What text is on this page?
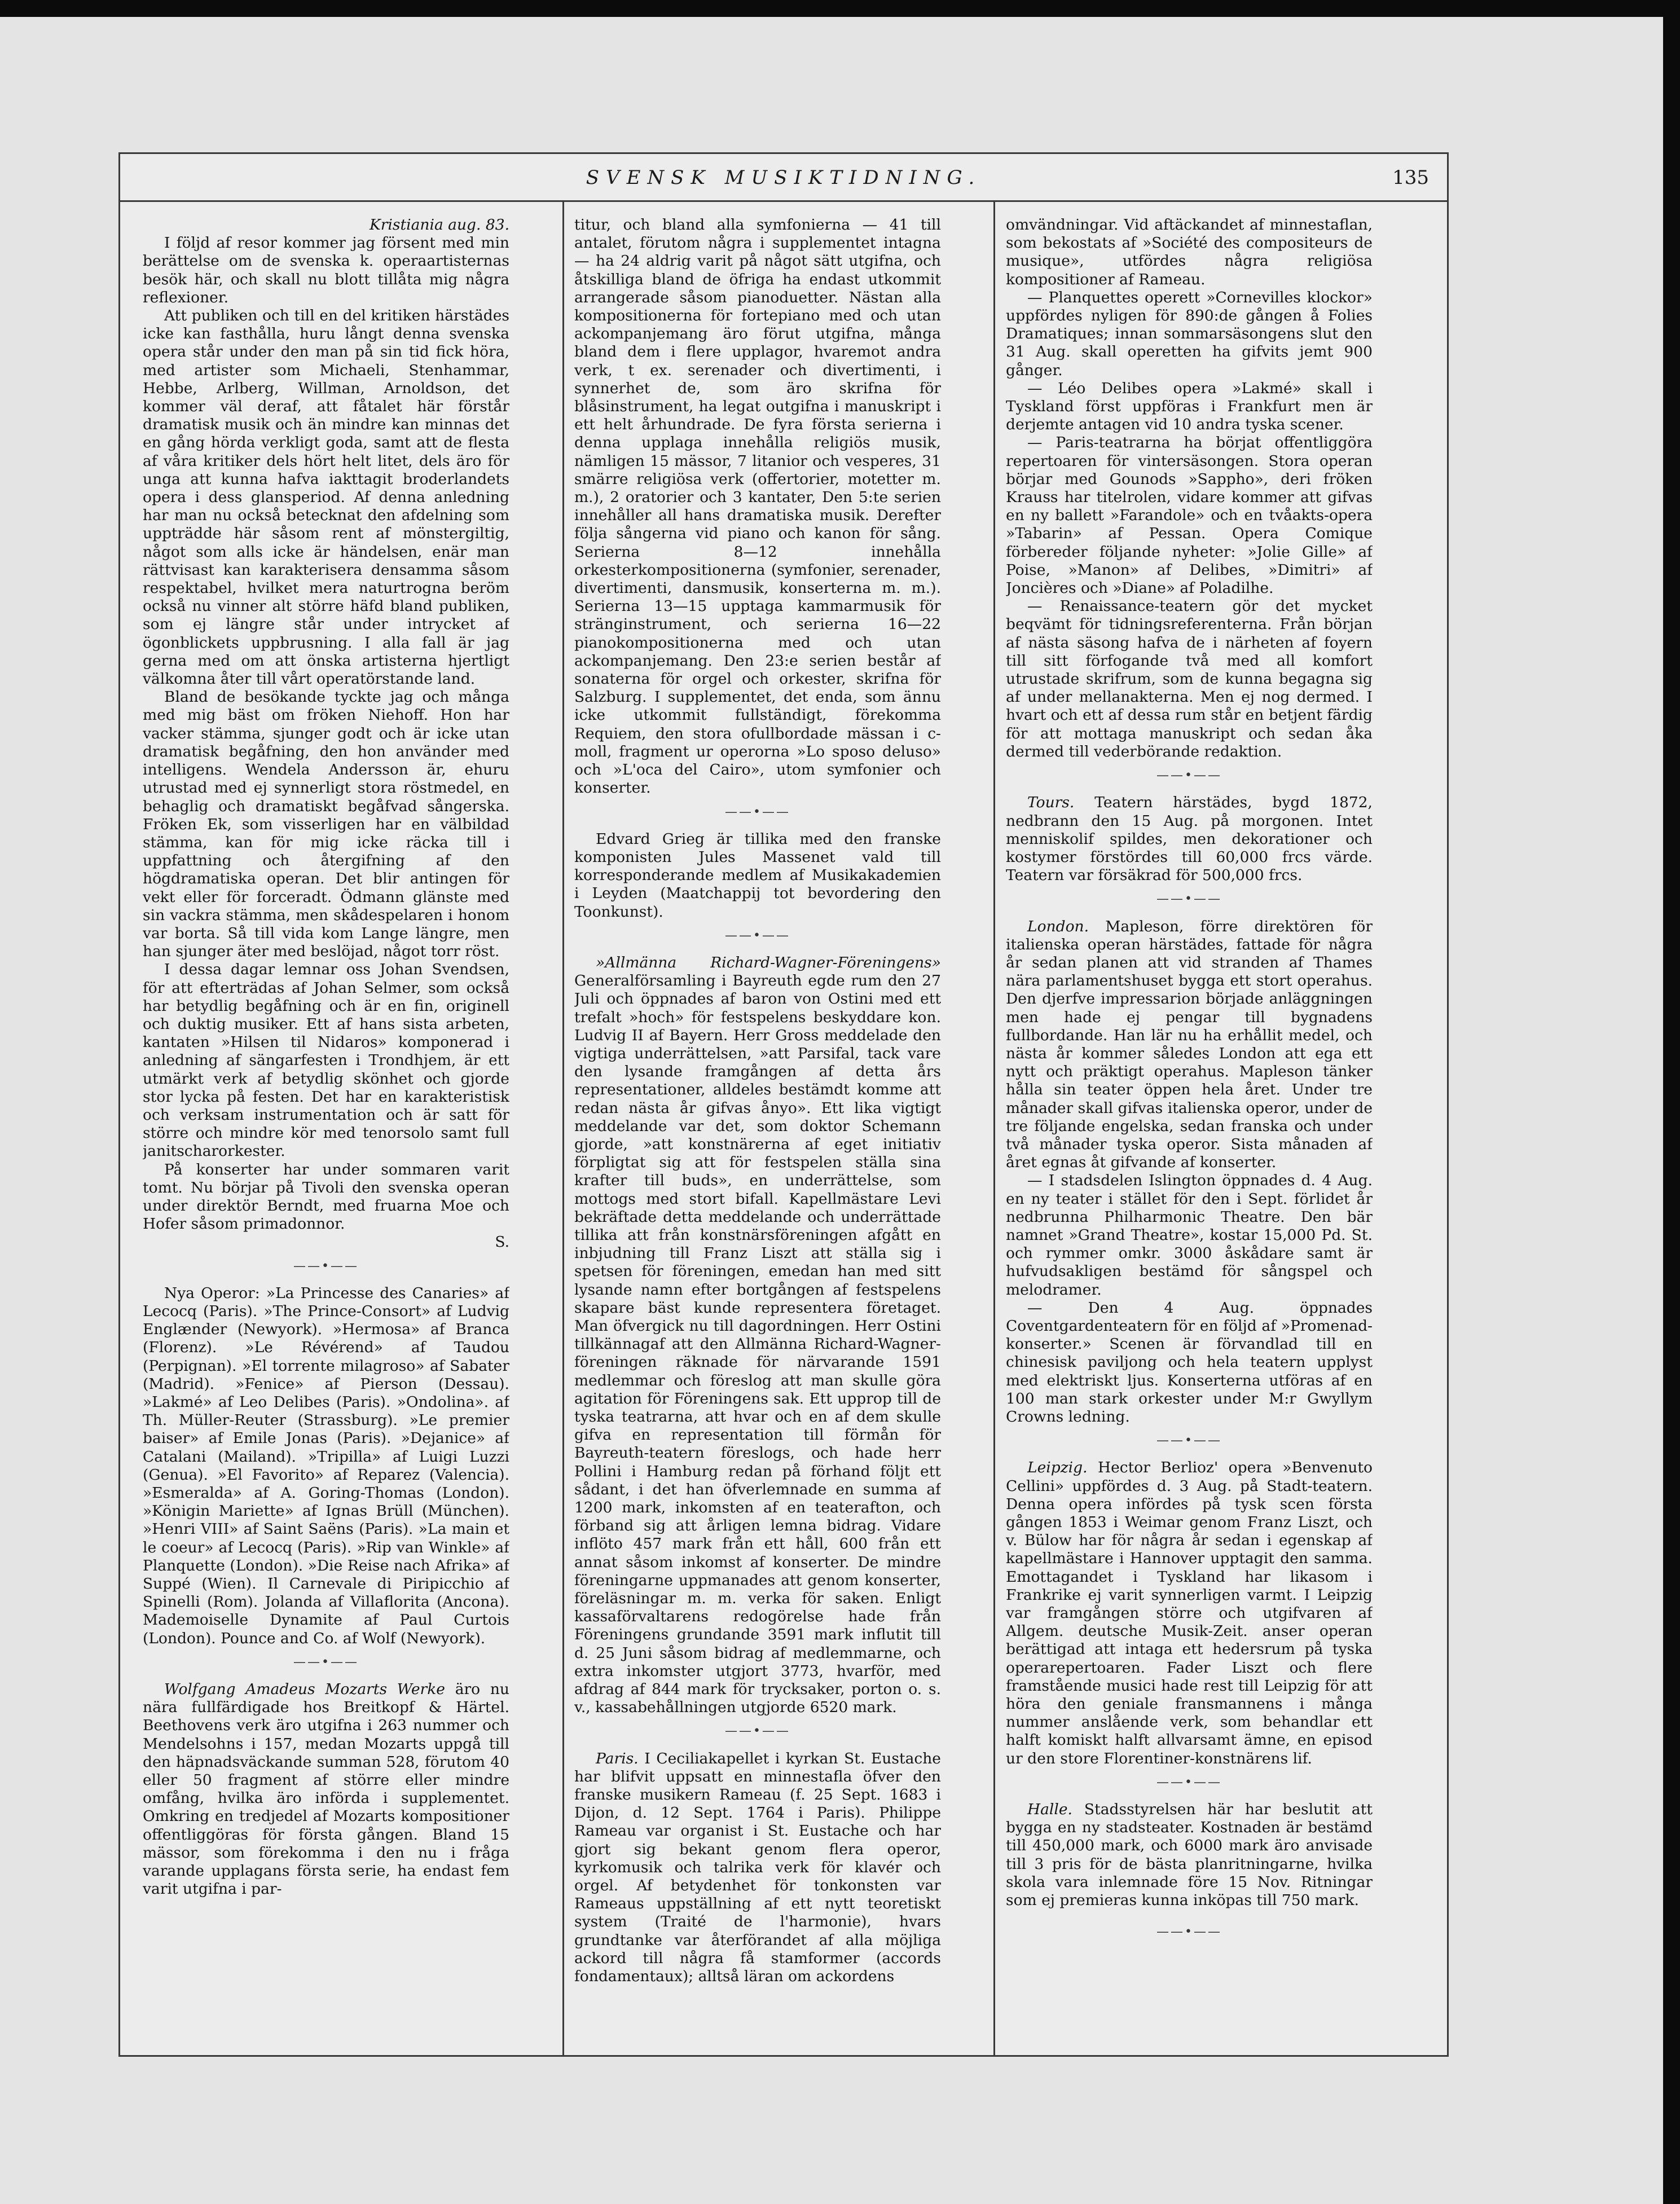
SVENSK MUSIKTIDNING.	135

Kristiania aug. 83.

I följd af resor kommer jag försent med min berättelse om de svenska k. operaartisternas besök här, och skall nu blott tillåta mig några reflexioner.

Att publiken och till en del kritiken härstädes icke kan fasthålla, huru långt denna svenska opera står under den man på sin tid fick höra, med artister som Michaeli, Stenhammar, Hebbe, Arlberg, Willman, Arnoldson, det kommer väl deraf, att fåtalet här förstår dramatisk musik och än mindre kan minnas det en gång hörda verkligt goda, samt att de flesta af våra kritiker dels hört helt litet, dels äro för unga att kunna hafva iakttagit broderlandets opera i dess glansperiod. Af denna anledning har man nu också betecknat den afdelning som uppträdde här såsom rent af mönstergiltig, något som alls icke är händelsen, enär man rättvisast kan karakterisera densamma såsom respektabel, hvilket mera naturtrogna beröm också nu vinner alt större häfd bland publiken, som ej längre står under intrycket af ögonblickets uppbrusning. I alla fall är jag gerna med om att önska artisterna hjertligt välkomna åter till vårt operatörstande land.

Bland de besökande tyckte jag och många med mig bäst om fröken Niehoff. Hon har vacker stämma, sjunger godt och är icke utan dramatisk begåfning, den hon använder med intelligens. Wendela Andersson är, ehuru utrustad med ej synnerligt stora röstmedel, en behaglig och dramatiskt begåfvad sångerska. Fröken Ek, som visserligen har en välbildad stämma, kan för mig icke räcka till i uppfattning och återgifning af den högdramatiska operan. Det blir antingen för vekt eller för forceradt. Ödmann glänste med sin vackra stämma, men skådespelaren i honom var borta. Så till vida kom Lange längre, men han sjunger äter med beslöjad, något torr röst.

I dessa dagar lemnar oss Johan Svendsen, för att efterträdas af Johan Selmer, som också har betydlig begåfning och är en fin, originell och duktig musiker. Ett af hans sista arbeten, kantaten »Hilsen til Nidaros» komponerad i anledning af sängarfesten i Trondhjem, är ett utmärkt verk af betydlig skönhet och gjorde stor lycka på festen. Det har en karakteristisk och verksam instrumentation och är satt för större och mindre kör med tenorsolo samt full janitscharorkester.

På konserter har under sommaren varit tomt. Nu börjar på Tivoli den svenska operan under direktör Berndt, med fruarna Moe och Hofer såsom primadonnor.

S.

——•——

Nya Operor: »La Princesse des Canaries» af Lecocq (Paris). »The Prince-Consort» af Ludvig Englænder (Newyork). »Hermosa» af Branca (Florenz). »Le Révérend» af Taudou (Perpignan). »El torrente milagroso» af Sabater (Madrid). »Fenice» af Pierson (Dessau). »Lakmé» af Leo Delibes (Paris). »Ondolina». af Th. Müller-Reuter (Strassburg). »Le premier baiser» af Emile Jonas (Paris). »Dejanice» af Catalani (Mailand). »Tripilla» af Luigi Luzzi (Genua). »El Favorito» af Reparez (Valencia). »Esmeralda» af A. Goring-Thomas (London). »Königin Mariette» af Ignas Brüll (München). »Henri VIII» af Saint Saëns (Paris). »La main et le coeur» af Lecocq (Paris). »Rip van Winkle» af Planquette (London). »Die Reise nach Afrika» af Suppé (Wien). Il Carnevale di Piripicchio af Spinelli (Rom). Jolanda af Villaflorita (Ancona). Mademoiselle Dynamite af Paul Curtois (London). Pounce and Co. af Wolf (Newyork).

——•——

Wolfgang Amadeus Mozarts Werke äro nu nära fullfärdigade hos Breitkopf & Härtel. Beethovens verk äro utgifna i 263 nummer och Mendelsohns i 157, medan Mozarts uppgå till den häpnadsväckande summan 528, förutom 40 eller 50 fragment af större eller mindre omfång, hvilka äro införda i supplementet. Omkring en tredjedel af Mozarts kompositioner offentliggöras för första gången. Bland 15 mässor, som förekomma i den nu i fråga varande upplagans första serie, ha endast fem varit utgifna i par-

titur, och bland alla symfonierna — 41 till antalet, förutom några i supplementet intagna — ha 24 aldrig varit på något sätt utgifna, och åtskilliga bland de öfriga ha endast utkommit arrangerade såsom pianoduetter. Nästan alla kompositionerna för fortepiano med och utan ackompanjemang äro förut utgifna, många bland dem i flere upplagor, hvaremot andra verk, t ex. serenader och divertimenti, i synnerhet de, som äro skrifna för blåsinstrument, ha legat outgifna i manuskript i ett helt århundrade. De fyra första serierna i denna upplaga innehålla religiös musik, nämligen 15 mässor, 7 litanior och vesperes, 31 smärre religiösa verk (offertorier, motetter m. m.), 2 oratorier och 3 kantater, Den 5:te serien innehåller all hans dramatiska musik. Derefter följa sångerna vid piano och kanon för sång. Serierna 8—12 innehålla orkesterkompositionerna (symfonier, serenader, divertimenti, dansmusik, konserterna m. m.). Serierna 13—15 upptaga kammarmusik för stränginstrument, och serierna 16—22 pianokompositionerna med och utan ackompanjemang. Den 23:e serien består af sonaterna för orgel och orkester, skrifna för Salzburg. I supplementet, det enda, som ännu icke utkommit fullständigt, förekomma Requiem, den stora ofullbordade mässan i c-moll, fragment ur operorna »Lo sposo deluso» och »L'oca del Cairo», utom symfonier och konserter.

——•——

Edvard Grieg är tillika med den franske komponisten Jules Massenet vald till korresponderande medlem af Musikakademien i Leyden (Maatchappij tot bevordering den Toonkunst).

——•——

»Allmänna Richard-Wagner-Föreningens» Generalförsamling i Bayreuth egde rum den 27 Juli och öppnades af baron von Ostini med ett trefalt »hoch» för festspelens beskyddare kon. Ludvig II af Bayern. Herr Gross meddelade den vigtiga underrättelsen, »att Parsifal, tack vare den lysande framgången af detta års representationer, alldeles bestämdt komme att redan nästa år gifvas ånyo». Ett lika vigtigt meddelande var det, som doktor Schemann gjorde, »att konstnärerna af eget initiativ förpligtat sig att för festspelen ställa sina krafter till buds», en underrättelse, som mottogs med stort bifall. Kapellmästare Levi bekräftade detta meddelande och underrättade tillika att från konstnärsföreningen afgått en inbjudning till Franz Liszt att ställa sig i spetsen för föreningen, emedan han med sitt lysande namn efter bortgången af festspelens skapare bäst kunde representera företaget. Man öfvergick nu till dagordningen. Herr Ostini tillkännagaf att den Allmänna Richard-Wagner-föreningen räknade för närvarande 1591 medlemmar och föreslog att man skulle göra agitation för Föreningens sak. Ett upprop till de tyska teatrarna, att hvar och en af dem skulle gifva en representation till förmån för Bayreuth-teatern föreslogs, och hade herr Pollini i Hamburg redan på förhand följt ett sådant, i det han öfverlemnade en summa af 1200 mark, inkomsten af en teaterafton, och förband sig att årligen lemna bidrag. Vidare inflöto 457 mark från ett håll, 600 från ett annat såsom inkomst af konserter. De mindre föreningarne uppmanades att genom konserter, föreläsningar m. m. verka för saken. Enligt kassaförvaltarens redogörelse hade från Föreningens grundande 3591 mark influtit till d. 25 Juni såsom bidrag af medlemmarne, och extra inkomster utgjort 3773, hvarför, med afdrag af 844 mark för trycksaker, porton o. s. v., kassabehållningen utgjorde 6520 mark.

——•——

Paris. I Ceciliakapellet i kyrkan St. Eustache har blifvit uppsatt en minnestafla öfver den franske musikern Rameau (f. 25 Sept. 1683 i Dijon, d. 12 Sept. 1764 i Paris). Philippe Rameau var organist i St. Eustache och har gjort sig bekant genom flera operor, kyrkomusik och talrika verk för klavér och orgel. Af betydenhet för tonkonsten var Rameaus uppställning af ett nytt teoretiskt system (Traité de l'harmonie), hvars grundtanke var återförandet af alla möjliga ackord till några få stamformer (accords fondamentaux); alltså läran om ackordens

omvändningar. Vid aftäckandet af minnestaflan, som bekostats af »Société des compositeurs de musique», utfördes några religiösa kompositioner af Rameau.

— Planquettes operett »Cornevilles klockor» uppfördes nyligen för 890:de gången å Folies Dramatiques; innan sommarsäsongens slut den 31 Aug. skall operetten ha gifvits jemt 900 gånger.

— Léo Delibes opera »Lakmé» skall i Tyskland först uppföras i Frankfurt men är derjemte antagen vid 10 andra tyska scener.

— Paris-teatrarna ha börjat offentliggöra repertoaren för vintersäsongen. Stora operan börjar med Gounods »Sappho», deri fröken Krauss har titelrolen, vidare kommer att gifvas en ny ballett »Farandole» och en tvåakts-opera »Tabarin» af Pessan. Opera Comique förbereder följande nyheter: »Jolie Gille» af Poise, »Manon» af Delibes, »Dimitri» af Joncières och »Diane» af Poladilhe.

— Renaissance-teatern gör det mycket beqvämt för tidningsreferenterna. Från början af nästa säsong hafva de i närheten af foyern till sitt förfogande två med all komfort utrustade skrifrum, som de kunna begagna sig af under mellanakterna. Men ej nog dermed. I hvart och ett af dessa rum står en betjent färdig för att mottaga manuskript och sedan åka dermed till vederbörande redaktion.

——•——

Tours. Teatern härstädes, bygd 1872, nedbrann den 15 Aug. på morgonen. Intet menniskolif spildes, men dekorationer och kostymer förstördes till 60,000 frcs värde. Teatern var försäkrad för 500,000 frcs.

——•——

London. Mapleson, förre direktören för italienska operan härstädes, fattade för några år sedan planen att vid stranden af Thames nära parlamentshuset bygga ett stort operahus. Den djerfve impressarion började anläggningen men hade ej pengar till bygnadens fullbordande. Han lär nu ha erhållit medel, och nästa år kommer således London att ega ett nytt och präktigt operahus. Mapleson tänker hålla sin teater öppen hela året. Under tre månader skall gifvas italienska operor, under de tre följande engelska, sedan franska och under två månader tyska operor. Sista månaden af året egnas åt gifvande af konserter.

— I stadsdelen Islington öppnades d. 4 Aug. en ny teater i stället för den i Sept. förlidet år nedbrunna Philharmonic Theatre. Den bär namnet »Grand Theatre», kostar 15,000 Pd. St. och rymmer omkr. 3000 åskådare samt är hufvudsakligen bestämd för sångspel och melodramer.

— Den 4 Aug. öppnades Coventgardenteatern för en följd af »Promenad-konserter.» Scenen är förvandlad till en chinesisk paviljong och hela teatern upplyst med elektriskt ljus. Konserterna utföras af en 100 man stark orkester under M:r Gwyllym Crowns ledning.

——•——

Leipzig. Hector Berlioz' opera »Benvenuto Cellini» uppfördes d. 3 Aug. på Stadt-teatern. Denna opera infördes på tysk scen första gången 1853 i Weimar genom Franz Liszt, och v. Bülow har för några år sedan i egenskap af kapellmästare i Hannover upptagit den samma. Emottagandet i Tyskland har likasom i Frankrike ej varit synnerligen varmt. I Leipzig var framgången större och utgifvaren af Allgem. deutsche Musik-Zeit. anser operan berättigad att intaga ett hedersrum på tyska operarepertoaren. Fader Liszt och flere framstående musici hade rest till Leipzig för att höra den geniale fransmannens i många nummer anslående verk, som behandlar ett halft komiskt halft allvarsamt ämne, en episod ur den store Florentiner-konstnärens lif.

——•——

Halle. Stadsstyrelsen här har beslutit att bygga en ny stadsteater. Kostnaden är bestämd till 450,000 mark, och 6000 mark äro anvisade till 3 pris för de bästa planritningarne, hvilka skola vara inlemnade före 15 Nov. Ritningar som ej premieras kunna inköpas till 750 mark.

——•——
